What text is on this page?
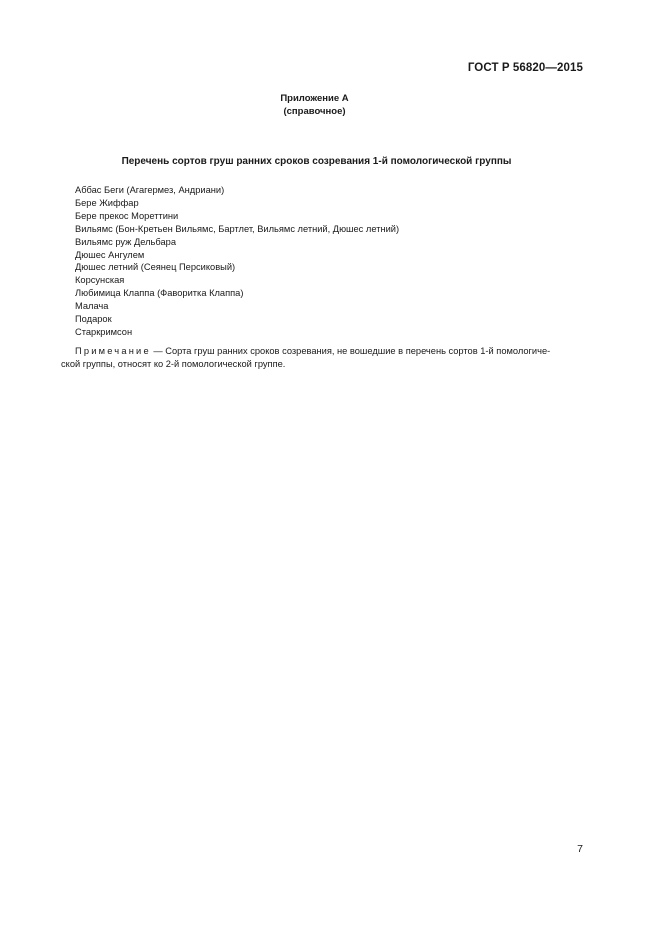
ГОСТ Р 56820—2015
Приложение А
(справочное)
Перечень сортов груш ранних сроков созревания 1-й помологической группы
Аббас Беги (Агагермез, Андриани)
Бере Жиффар
Бере прекос Мореттини
Вильямс (Бон-Кретьен Вильямс, Бартлет, Вильямс летний, Дюшес летний)
Вильямс руж Дельбара
Дюшес Ангулем
Дюшес летний (Сеянец Персиковый)
Корсунская
Любимица Клаппа (Фаворитка Клаппа)
Малача
Подарок
Старкримсон
Примечание — Сорта груш ранних сроков созревания, не вошедшие в перечень сортов 1-й помологиче-
ской группы, относят ко 2-й помологической группе.
7
